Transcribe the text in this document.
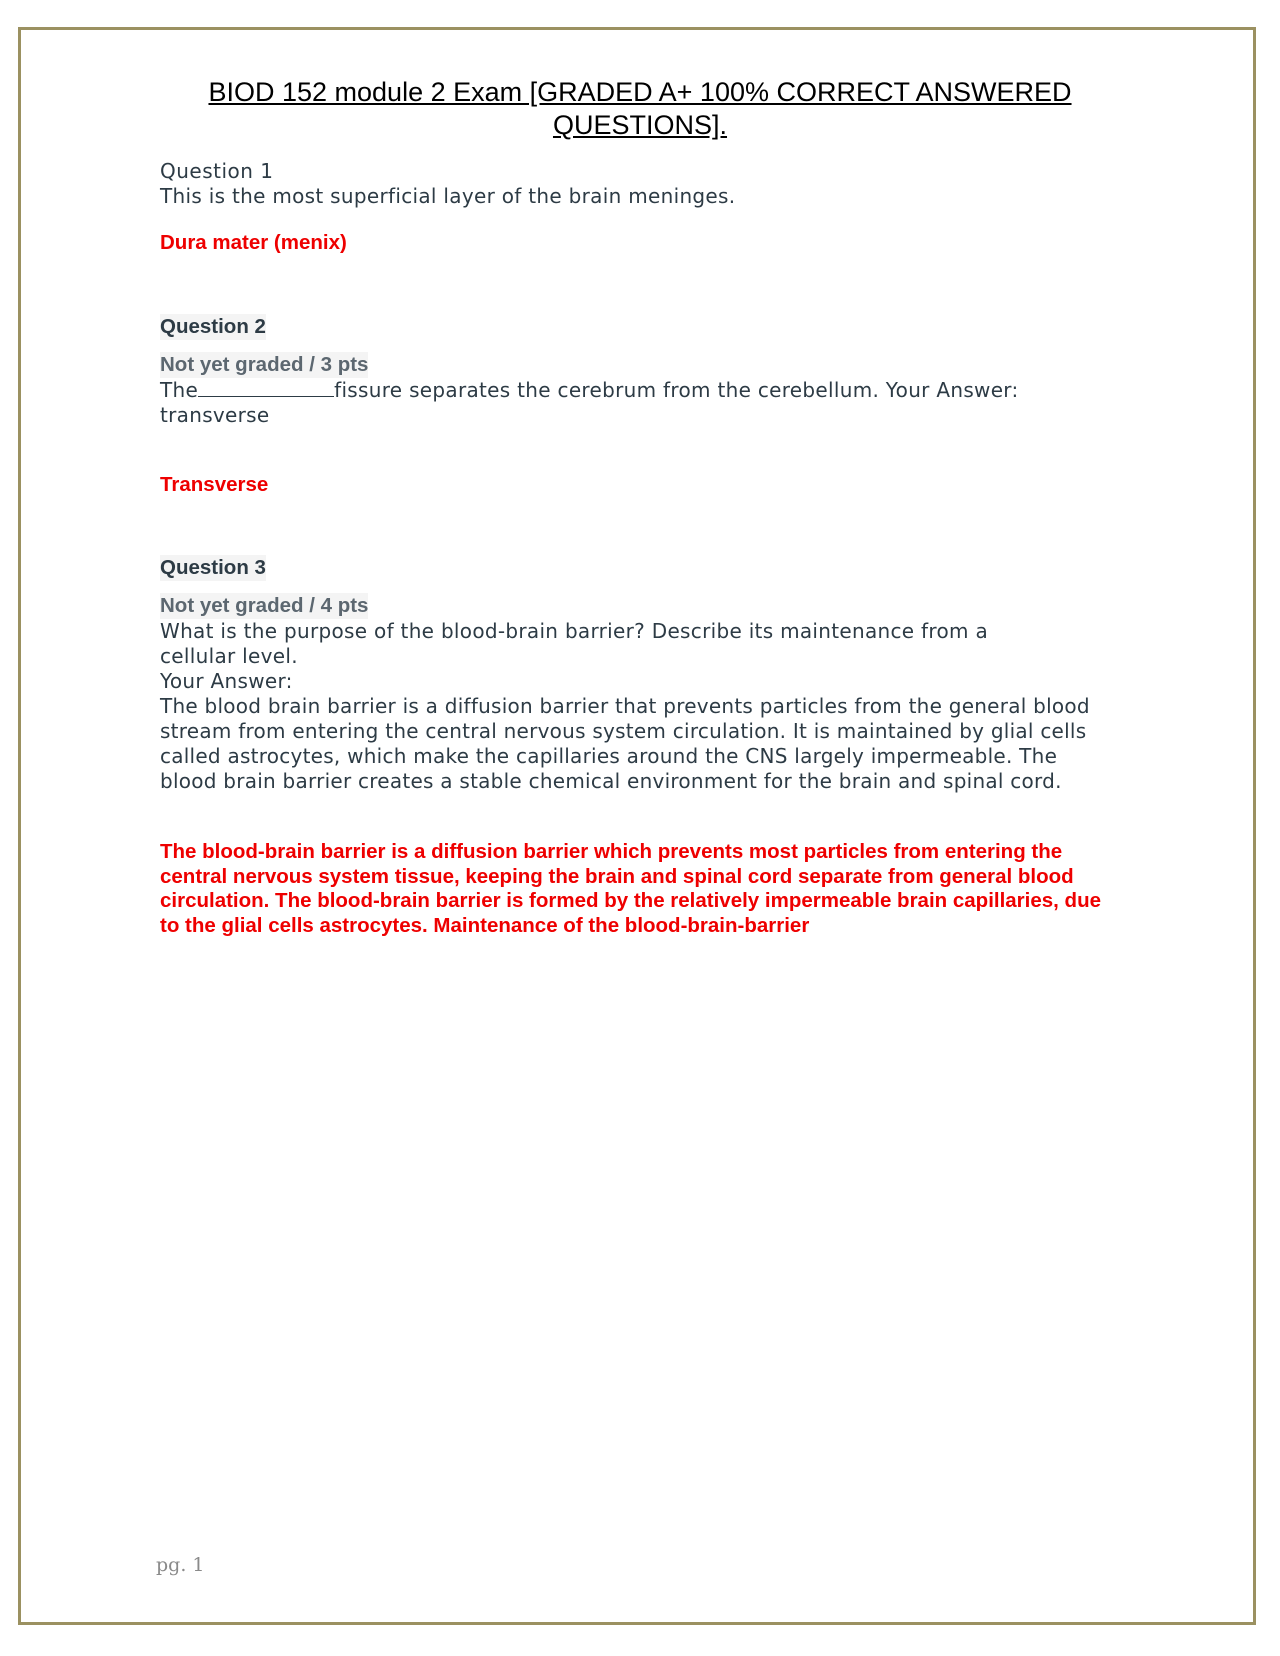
BIOD 152 module 2 Exam [GRADED A+ 100% CORRECT ANSWERED QUESTIONS].
Question 1
This is the most superficial layer of the brain meninges.
Dura mater (menix)
Question 2
Not yet graded / 3 pts
The	fissure separates the cerebrum from the cerebellum. Your Answer:
transverse
Transverse
Question 3
Not yet graded / 4 pts
What is the purpose of the blood-brain barrier? Describe its maintenance from a cellular level.
Your Answer:
The blood brain barrier is a diffusion barrier that prevents particles from the general blood stream from entering the central nervous system circulation. It is maintained by glial cells called astrocytes, which make the capillaries around the CNS largely impermeable. The blood brain barrier creates a stable chemical environment for the brain and spinal cord.
The blood-brain barrier is a diffusion barrier which prevents most particles from entering the central nervous system tissue, keeping the brain and spinal cord separate from general blood circulation. The blood-brain barrier is formed by the relatively impermeable brain capillaries, due to the glial cells astrocytes. Maintenance of the blood-brain-barrier
pg. 1
